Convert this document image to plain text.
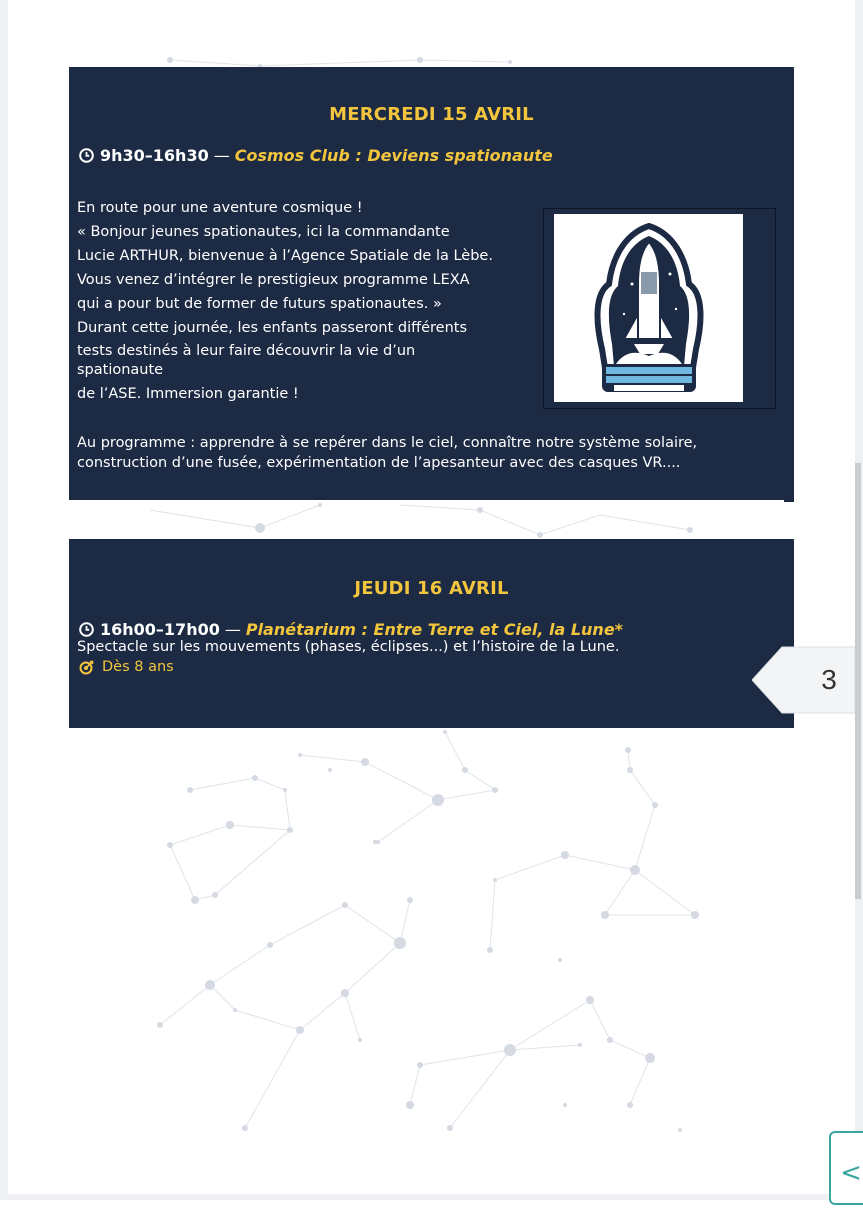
MERCREDI 15 AVRIL
9h30–16h30 — Cosmos Club : Deviens spationaute

En route pour une aventure cosmique !

« Bonjour jeunes spationautes, ici la commandante

Lucie ARTHUR, bienvenue à l’Agence Spatiale de la Lèbe.

Vous venez d’intégrer le prestigieux programme LEXA

qui a pour but de former de futurs spationautes. »

Durant cette journée, les enfants passeront différents

tests destinés à leur faire découvrir la vie d’un

spationaute

de l’ASE. Immersion garantie !

Au programme : apprendre à se repérer dans le ciel, connaître notre système solaire, construction d’une fusée, expérimentation de l’apesanteur avec des casques VR....
JEUDI 16 AVRIL
16h00–17h00 — Planétarium : Entre Terre et Ciel, la Lune*
Spectacle sur les mouvements (phases, éclipses...) et l’histoire de la Lune.
Dès 8 ans	3
<
